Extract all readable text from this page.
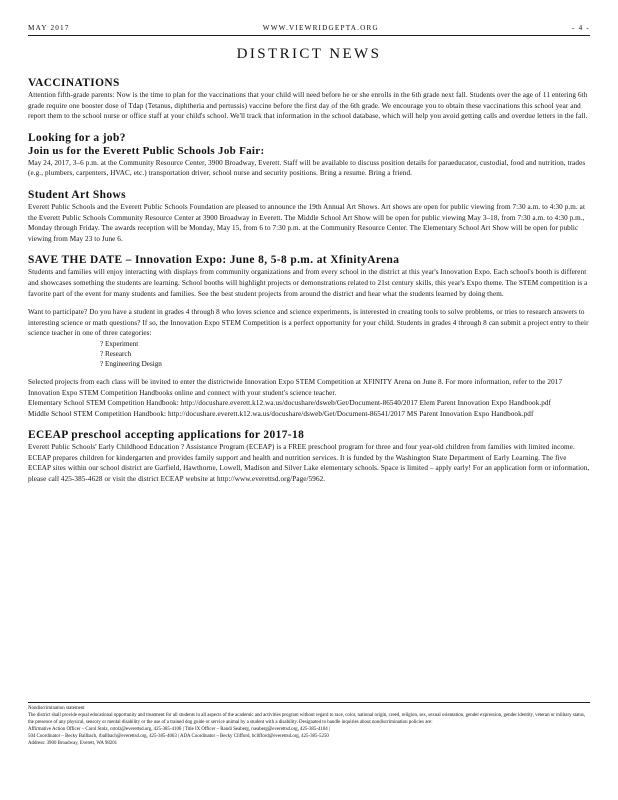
MAY 2017	WWW.VIEWRIDGEPTA.ORG	- 4 -
DISTRICT NEWS
VACCINATIONS

Attention fifth-grade parents: Now is the time to plan for the vaccinations that your child will need before he or she enrolls in the 6th grade next fall. Students over the age of 11 entering 6th grade require one booster dose of Tdap (Tetanus, diphtheria and pertussis) vaccine before the first day of the 6th grade. We encourage you to obtain these vaccinations this school year and report them to the school nurse or office staff at your child's school. We'll track that information in the school database, which will help you avoid getting calls and overdue letters in the fall.

Looking for a job?
Join us for the Everett Public Schools Job Fair:

May 24, 2017, 3–6 p.m. at the Community Resource Center, 3900 Broadway, Everett. Staff will be available to discuss position details for paraeducator, custodial, food and nutrition, trades (e.g., plumbers, carpenters, HVAC, etc.) transportation driver, school nurse and security positions. Bring a resume. Bring a friend.

Student Art Shows

Everett Public Schools and the Everett Public Schools Foundation are pleased to announce the 19th Annual Art Shows. Art shows are open for public viewing from 7:30 a.m. to 4:30 p.m. at the Everett Public Schools Community Resource Center at 3900 Broadway in Everett. The Middle School Art Show will be open for public viewing May 3–18, from 7:30 a.m. to 4:30 p.m., Monday through Friday. The awards reception will be Monday, May 15, from 6 to 7:30 p.m. at the Community Resource Center. The Elementary School Art Show will be open for public viewing from May 23 to June 6.

SAVE THE DATE – Innovation Expo: June 8, 5-8 p.m. at XfinityArena

Students and families will enjoy interacting with displays from community organizations and from every school in the district at this year's Innovation Expo. Each school's booth is different and showcases something the students are learning. School booths will highlight projects or demonstrations related to 21st century skills, this year's Expo theme. The STEM competition is a favorite part of the event for many students and families. See the best student projects from around the district and hear what the students learned by doing them.

Want to participate? Do you have a student in grades 4 through 8 who loves science and science experiments, is interested in creating tools to solve problems, or tries to research answers to interesting science or math questions? If so, the Innovation Expo STEM Competition is a perfect opportunity for your child. Students in grades 4 through 8 can submit a project entry to their science teacher in one of three categories:

? Experiment
? Research
? Engineering Design

Selected projects from each class will be invited to enter the districtwide Innovation Expo STEM Competition at XFINITY Arena on June 8. For more information, refer to the 2017 Innovation Expo STEM Competition Handbooks online and connect with your student's science teacher.

Elementary School STEM Competition Handbook: http://docushare.everett.k12.wa.us/docushare/dsweb/Get/Document-86540/2017 Elem Parent Innovation Expo Handbook.pdf

Middle School STEM Competition Handbook: http://docushare.everett.k12.wa.us/docushare/dsweb/Get/Document-86541/2017 MS Parent Innovation Expo Handbook.pdf

ECEAP preschool accepting applications for 2017-18

Everett Public Schools' Early Childhood Education ? Assistance Program (ECEAP) is a FREE preschool program for three and four year-old children from families with limited income. ECEAP prepares children for kindergarten and provides family support and health and nutrition services. It is funded by the Washington State Department of Early Learning. The five ECEAP sites within our school district are Garfield, Hawthorne, Lowell, Madison and Silver Lake elementary schools. Space is limited – apply early! For an application form or information, please call 425-385-4628 or visit the district ECEAP website at http://www.everettsd.org/Page/5962.

Nondiscrimination statement

The district shall provide equal educational opportunity and treatment for all students in all aspects of the academic and activities program without regard to race, color, national origin, creed, religion, sex, sexual orientation, gender expression, gender identity, veteran or military status, the presence of any physical, sensory or mental disability or the use of a trained dog guide or service animal by a student with a disability. Designated to handle inquiries about nondiscrimination policies are:

Affirmative Action Officer – Carol Stolz, cstolz@everettsd.org, 425-385-4106 | Title IX Officer – Randi Seaberg, rseaberg@everettsd.org, 425-385-4104 |

504 Coordinator – Becky Ballbach, rballbach@everettsd.org, 425-385-4063 | ADA Coordinator – Becky Clifford, bclifford@everettsd.org, 425-385-5250

Address: 3900 Broadway, Everett, WA 98201
